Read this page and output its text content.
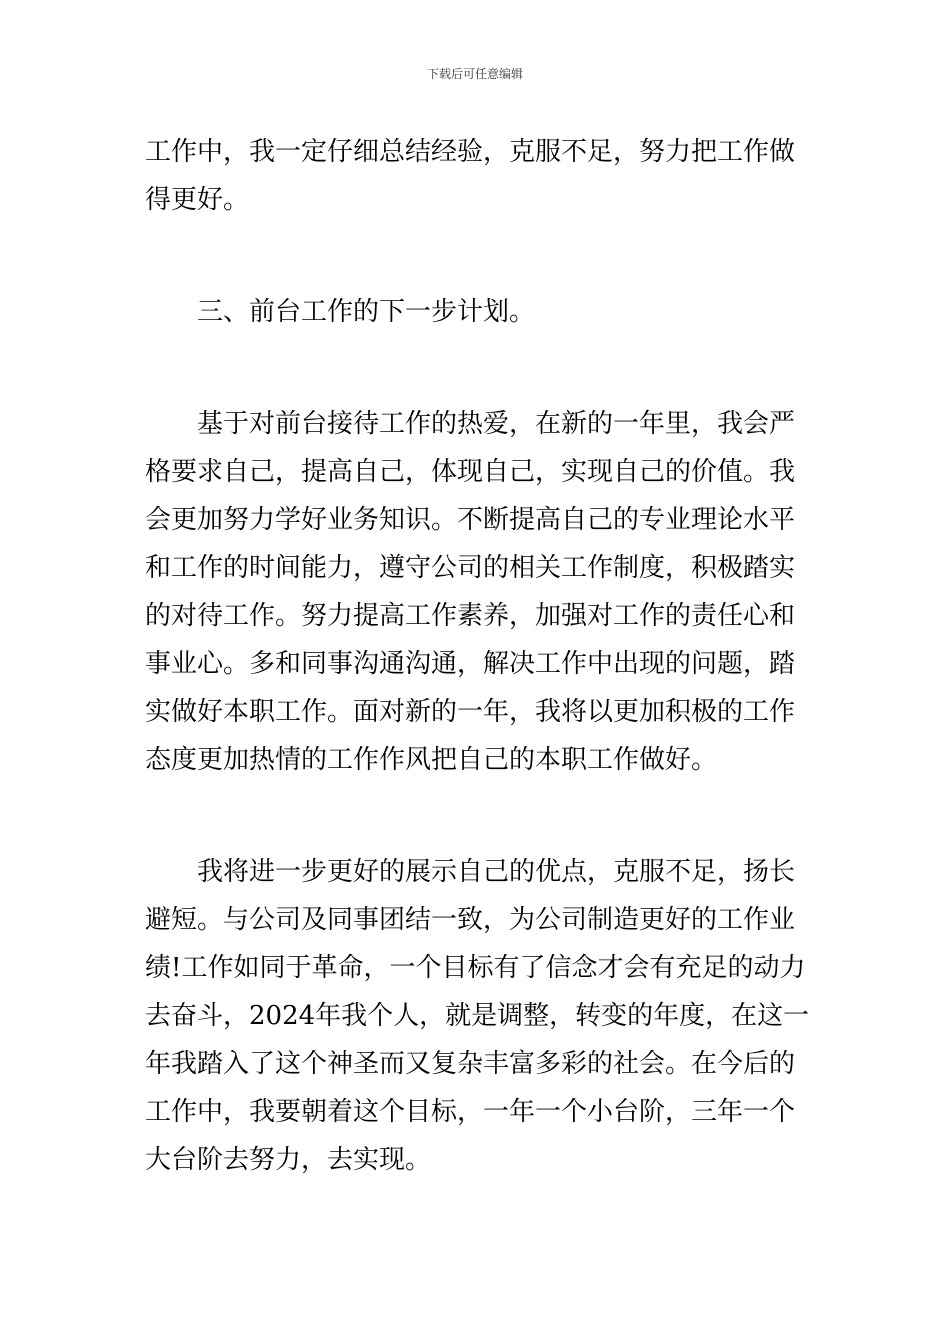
下载后可任意编辑
工作中，我一定仔细总结经验，克服不足，努力把工作做
得更好。
三、前台工作的下一步计划。
基于对前台接待工作的热爱，在新的一年里，我会严
格要求自己，提高自己，体现自己，实现自己的价值。我
会更加努力学好业务知识。不断提高自己的专业理论水平
和工作的时间能力，遵守公司的相关工作制度，积极踏实
的对待工作。努力提高工作素养，加强对工作的责任心和
事业心。多和同事沟通沟通，解决工作中出现的问题，踏
实做好本职工作。面对新的一年，我将以更加积极的工作
态度更加热情的工作作风把自己的本职工作做好。
我将进一步更好的展示自己的优点，克服不足，扬长
避短。与公司及同事团结一致，为公司制造更好的工作业
绩!工作如同于革命，一个目标有了信念才会有充足的动力
去奋斗，2024年我个人，就是调整，转变的年度，在这一
年我踏入了这个神圣而又复杂丰富多彩的社会。在今后的
工作中，我要朝着这个目标，一年一个小台阶，三年一个
大台阶去努力，去实现。
